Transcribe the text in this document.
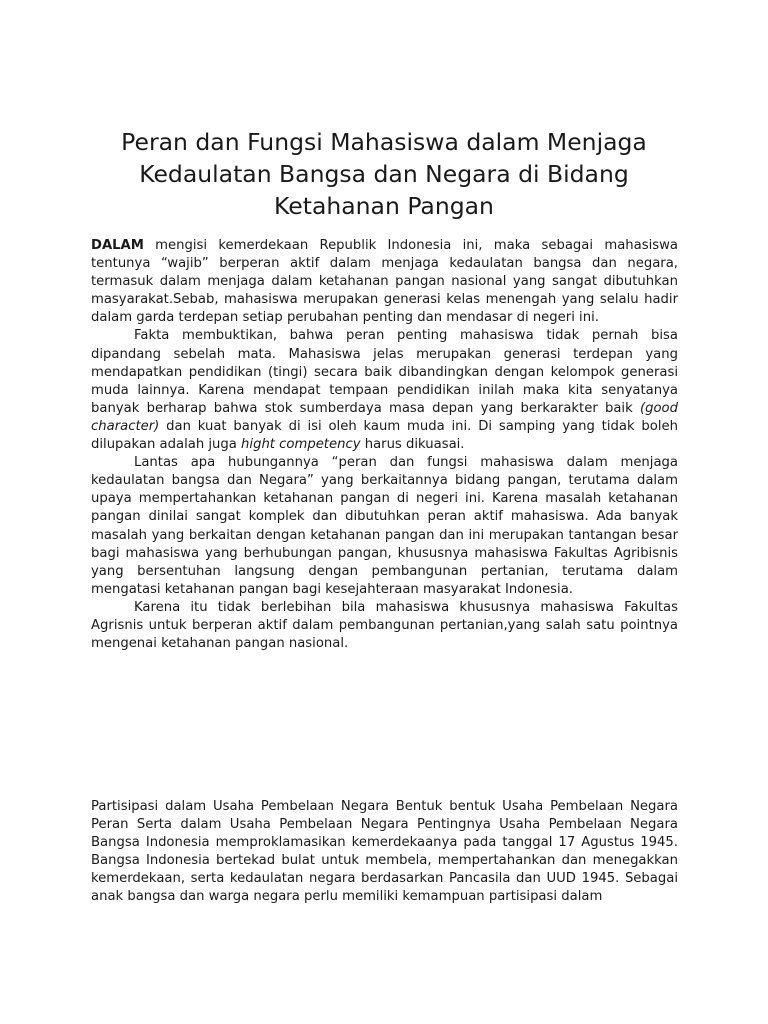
Peran dan Fungsi Mahasiswa dalam Menjaga
Kedaulatan Bangsa dan Negara di Bidang
Ketahanan Pangan

DALAM mengisi kemerdekaan Republik Indonesia ini, maka sebagai mahasiswa tentunya “wajib” berperan aktif dalam menjaga kedaulatan bangsa dan negara, termasuk dalam menjaga dalam ketahanan pangan nasional yang sangat dibutuhkan masyarakat.Sebab, mahasiswa merupakan generasi kelas menengah yang selalu hadir dalam garda terdepan setiap perubahan penting dan mendasar di negeri ini.

Fakta membuktikan, bahwa peran penting mahasiswa tidak pernah bisa dipandang sebelah mata. Mahasiswa jelas merupakan generasi terdepan yang mendapatkan pendidikan (tingi) secara baik dibandingkan dengan kelompok generasi muda lainnya. Karena mendapat tempaan pendidikan inilah maka kita senyatanya banyak berharap bahwa stok sumberdaya masa depan yang berkarakter baik (good character) dan kuat banyak di isi oleh kaum muda ini. Di samping yang tidak boleh dilupakan adalah juga hight competency harus dikuasai.

Lantas apa hubungannya “peran dan fungsi mahasiswa dalam menjaga kedaulatan bangsa dan Negara” yang berkaitannya bidang pangan, terutama dalam upaya mempertahankan ketahanan pangan di negeri ini. Karena masalah ketahanan pangan dinilai sangat komplek dan dibutuhkan peran aktif mahasiswa. Ada banyak masalah yang berkaitan dengan ketahanan pangan dan ini merupakan tantangan besar bagi mahasiswa yang berhubungan pangan, khususnya mahasiswa Fakultas Agribisnis yang bersentuhan langsung dengan pembangunan pertanian, terutama dalam mengatasi ketahanan pangan bagi kesejahteraan masyarakat Indonesia.

Karena itu tidak berlebihan bila mahasiswa khususnya mahasiswa Fakultas Agrisnis untuk berperan aktif dalam pembangunan pertanian,yang salah satu pointnya mengenai ketahanan pangan nasional.

Partisipasi dalam Usaha Pembelaan Negara Bentuk bentuk Usaha Pembelaan Negara Peran Serta dalam Usaha Pembelaan Negara Pentingnya Usaha Pembelaan Negara Bangsa Indonesia memproklamasikan kemerdekaanya pada tanggal 17 Agustus 1945. Bangsa Indonesia bertekad bulat untuk membela, mempertahankan dan menegakkan kemerdekaan, serta kedaulatan negara berdasarkan Pancasila dan UUD 1945. Sebagai anak bangsa dan warga negara perlu memiliki kemampuan partisipasi dalam
